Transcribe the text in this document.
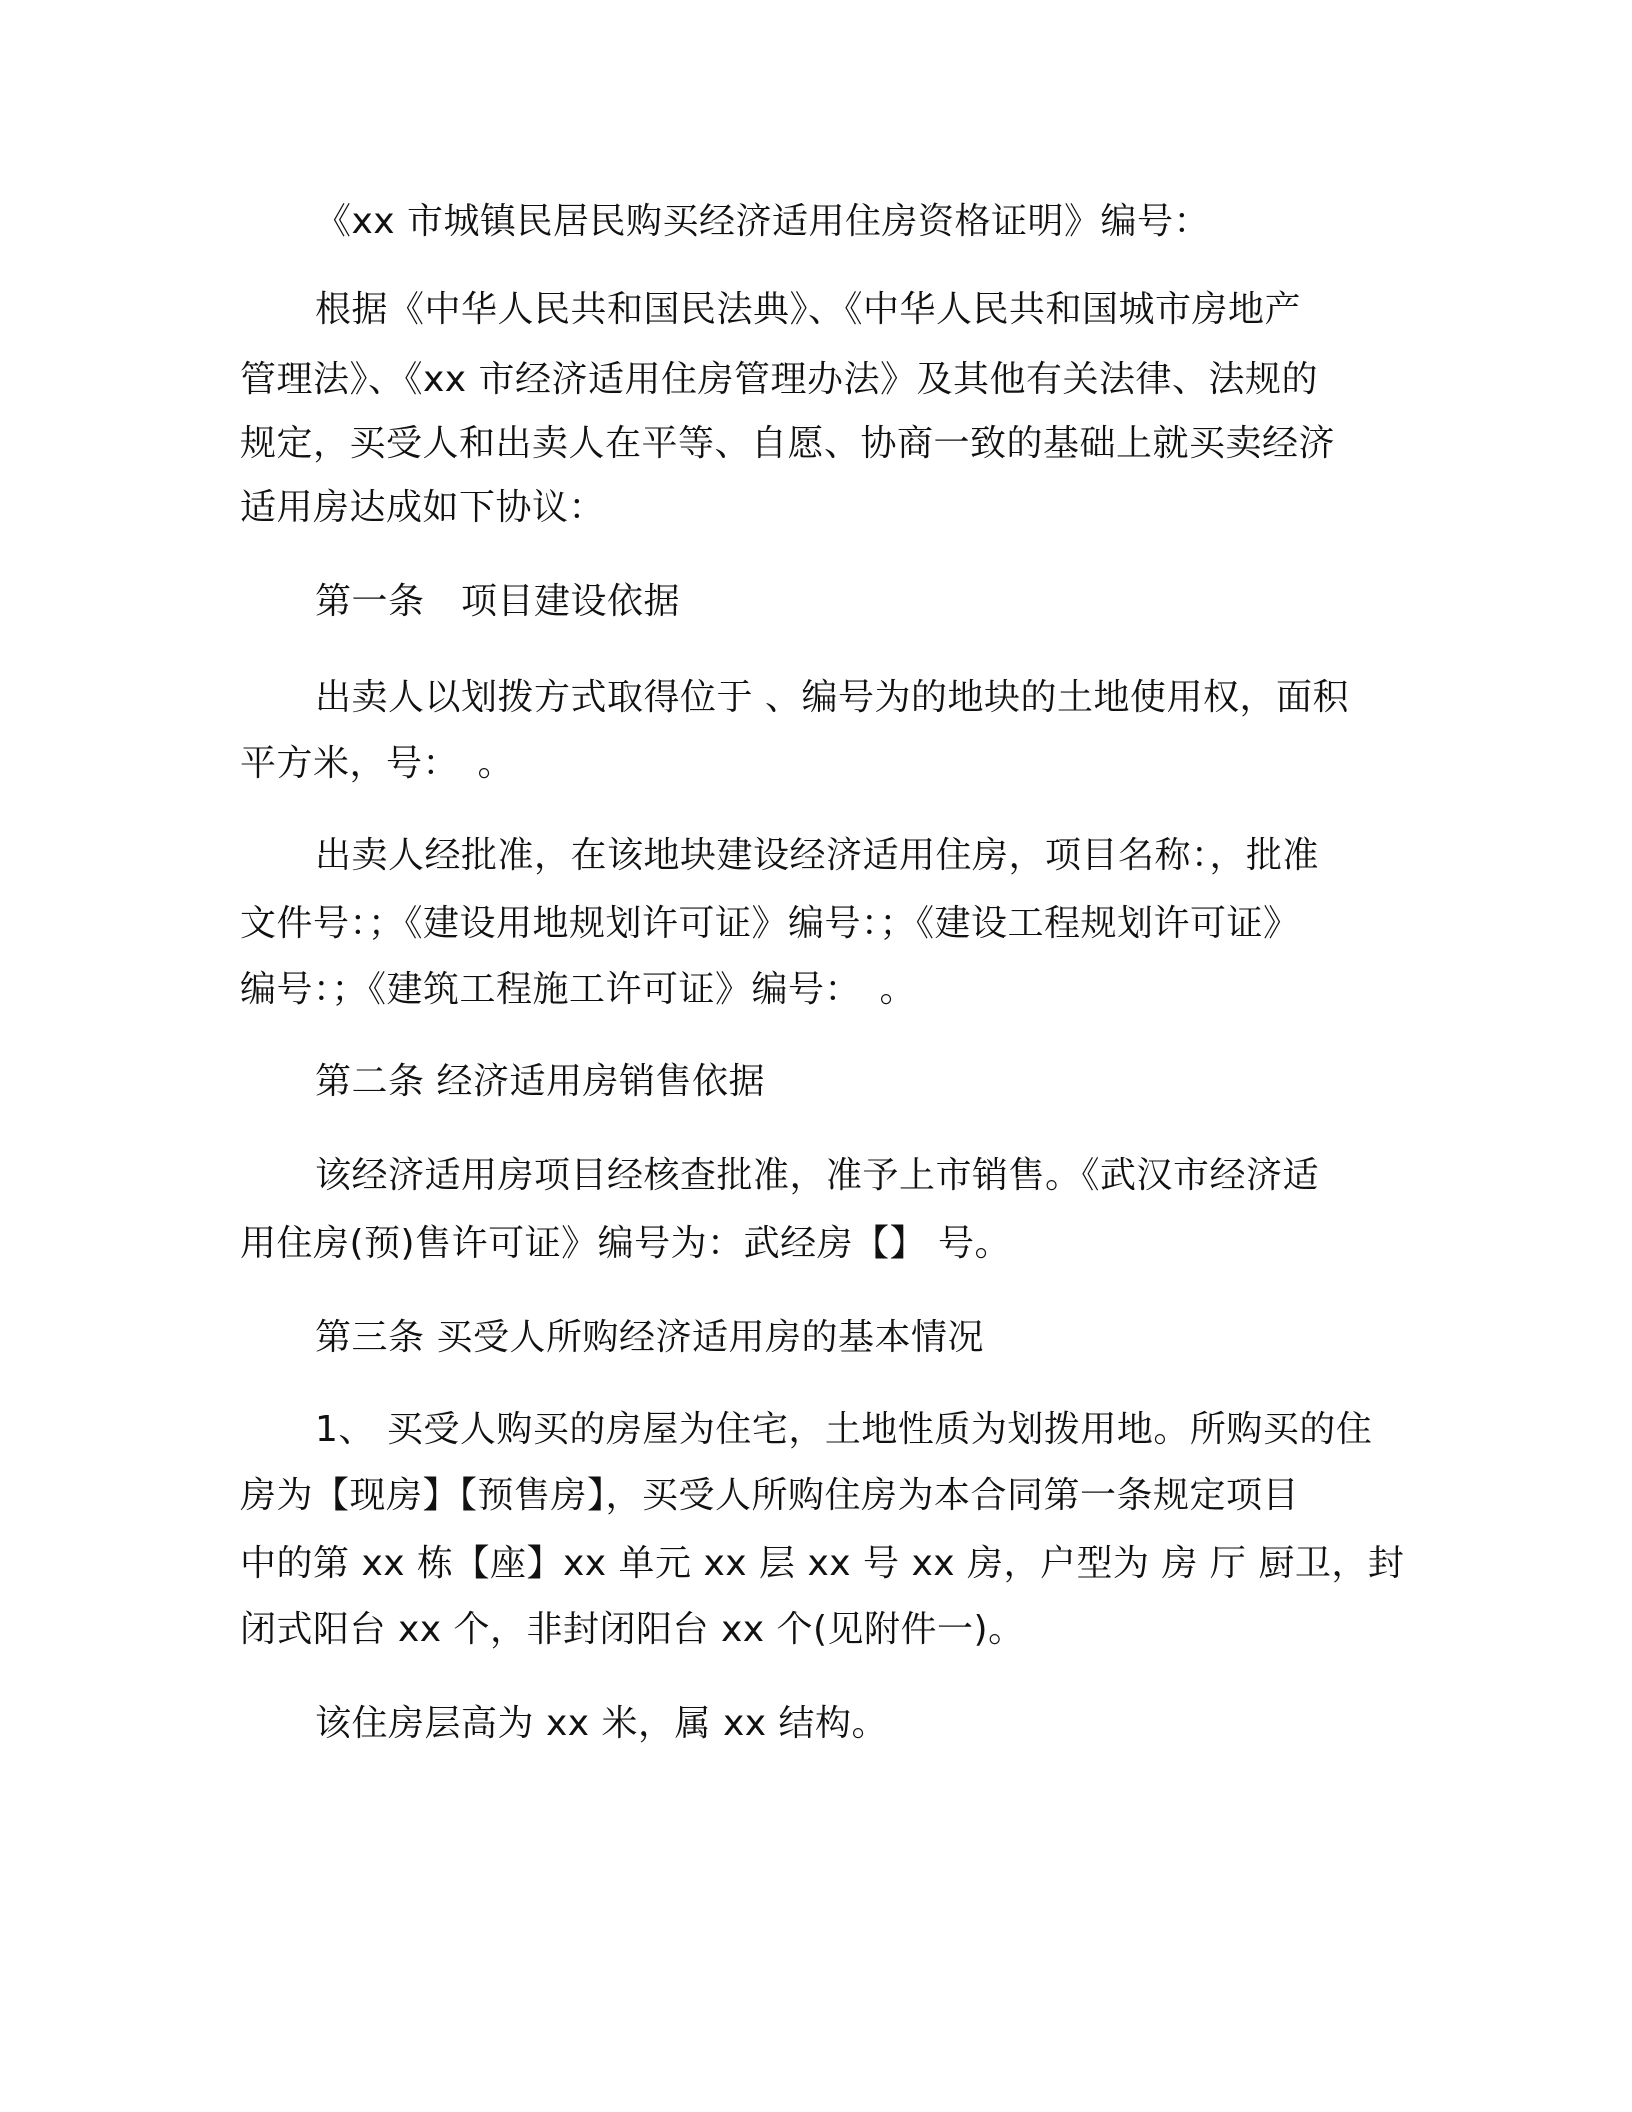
《xx 市城镇民居民购买经济适用住房资格证明》编号：

根据《中华人民共和国民法典》、《中华人民共和国城市房地产

管理法》、《xx 市经济适用住房管理办法》及其他有关法律、法规的

规定，买受人和出卖人在平等、自愿、协商一致的基础上就买卖经济

适用房达成如下协议：

第一条　项目建设依据

出卖人以划拨方式取得位于 、编号为的地块的土地使用权，面积

平方米，号：　。

出卖人经批准，在该地块建设经济适用住房，项目名称：，批准

文件号：；《建设用地规划许可证》编号：；《建设工程规划许可证》

编号：；《建筑工程施工许可证》编号：　。

第二条 经济适用房销售依据

该经济适用房项目经核查批准，准予上市销售。《武汉市经济适

用住房(预)售许可证》编号为：武经房【】 号。

第三条 买受人所购经济适用房的基本情况

1、 买受人购买的房屋为住宅，土地性质为划拨用地。所购买的住

房为【现房】【预售房】，买受人所购住房为本合同第一条规定项目

中的第 xx 栋【座】xx 单元 xx 层 xx 号 xx 房，户型为 房 厅 厨卫，封

闭式阳台 xx 个，非封闭阳台 xx 个(见附件一)。

该住房层高为 xx 米，属 xx 结构。
